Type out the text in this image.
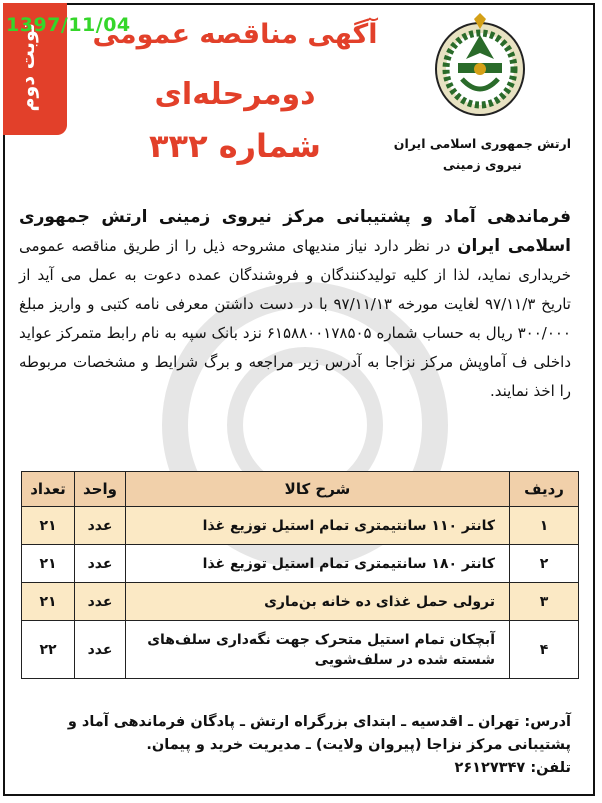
نوبت دوم	آگهی مناقصه عمومی
دومرحله‌ای
شماره ۳۳۲	ارتش جمهوری اسلامی ایران
نیروی زمینی
فرماندهی آماد و پشتیبانی مرکز نیروی زمینی ارتش جمهوری اسلامی ایران در نظر دارد نیاز مندیهای مشروحه ذیل را از طریق مناقصه عمومی خریداری نماید، لذا از کلیه تولیدکنندگان و فروشندگان عمده دعوت به عمل می آید از تاریخ ۹۷/۱۱/۳ لغایت مورخه ۹۷/۱۱/۱۳ با در دست داشتن معرفی نامه کتبی و واریز مبلغ ۳۰۰/۰۰۰ ریال به حساب شماره ۶۱۵۸۸۰۰۱۷۸۵۰۵ نزد بانک سپه به نام رابط متمرکز عواید داخلی ف آماوپش مرکز نزاجا به آدرس زیر مراجعه و برگ شرایط و مشخصات مربوطه را اخذ نمایند.
ردیف	شرح کالا	واحد	تعداد
۱	کانتر ۱۱۰ سانتیمتری تمام استیل توزیع غذا	عدد	۲۱
۲	کانتر ۱۸۰ سانتیمتری تمام استیل توزیع غذا	عدد	۲۱
۳	ترولی حمل غذای ده خانه بن‌ماری	عدد	۲۱
۴	آبچکان تمام استیل متحرک جهت نگه‌داری سلف‌های شسته شده در سلف‌شویی	عدد	۲۲
آدرس: تهران ـ اقدسیه ـ ابتدای بزرگراه ارتش ـ پادگان فرماندهی آماد و پشتیبانی مرکز نزاجا (پیروان ولایت) ـ مدیریت خرید و پیمان.
تلفن: ۲۶۱۲۷۳۴۷
1397/11/04
